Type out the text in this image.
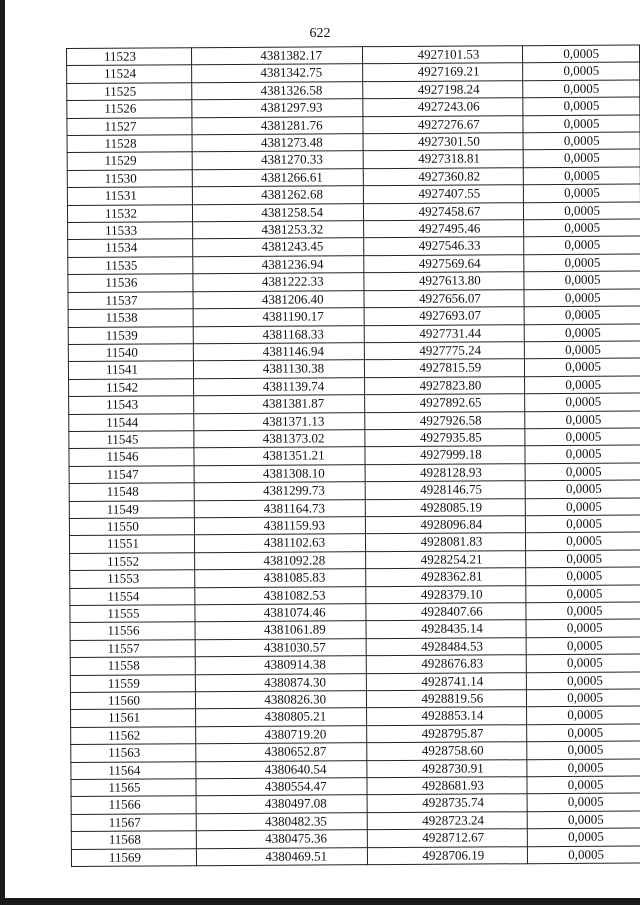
622
11523	4381382.17	4927101.53	0,0005
11524	4381342.75	4927169.21	0,0005
11525	4381326.58	4927198.24	0,0005
11526	4381297.93	4927243.06	0,0005
11527	4381281.76	4927276.67	0,0005
11528	4381273.48	4927301.50	0,0005
11529	4381270.33	4927318.81	0,0005
11530	4381266.61	4927360.82	0,0005
11531	4381262.68	4927407.55	0,0005
11532	4381258.54	4927458.67	0,0005
11533	4381253.32	4927495.46	0,0005
11534	4381243.45	4927546.33	0,0005
11535	4381236.94	4927569.64	0,0005
11536	4381222.33	4927613.80	0,0005
11537	4381206.40	4927656.07	0,0005
11538	4381190.17	4927693.07	0,0005
11539	4381168.33	4927731.44	0,0005
11540	4381146.94	4927775.24	0,0005
11541	4381130.38	4927815.59	0,0005
11542	4381139.74	4927823.80	0,0005
11543	4381381.87	4927892.65	0,0005
11544	4381371.13	4927926.58	0,0005
11545	4381373.02	4927935.85	0,0005
11546	4381351.21	4927999.18	0,0005
11547	4381308.10	4928128.93	0,0005
11548	4381299.73	4928146.75	0,0005
11549	4381164.73	4928085.19	0,0005
11550	4381159.93	4928096.84	0,0005
11551	4381102.63	4928081.83	0,0005
11552	4381092.28	4928254.21	0,0005
11553	4381085.83	4928362.81	0,0005
11554	4381082.53	4928379.10	0,0005
11555	4381074.46	4928407.66	0,0005
11556	4381061.89	4928435.14	0,0005
11557	4381030.57	4928484.53	0,0005
11558	4380914.38	4928676.83	0,0005
11559	4380874.30	4928741.14	0,0005
11560	4380826.30	4928819.56	0,0005
11561	4380805.21	4928853.14	0,0005
11562	4380719.20	4928795.87	0,0005
11563	4380652.87	4928758.60	0,0005
11564	4380640.54	4928730.91	0,0005
11565	4380554.47	4928681.93	0,0005
11566	4380497.08	4928735.74	0,0005
11567	4380482.35	4928723.24	0,0005
11568	4380475.36	4928712.67	0,0005
11569	4380469.51	4928706.19	0,0005
